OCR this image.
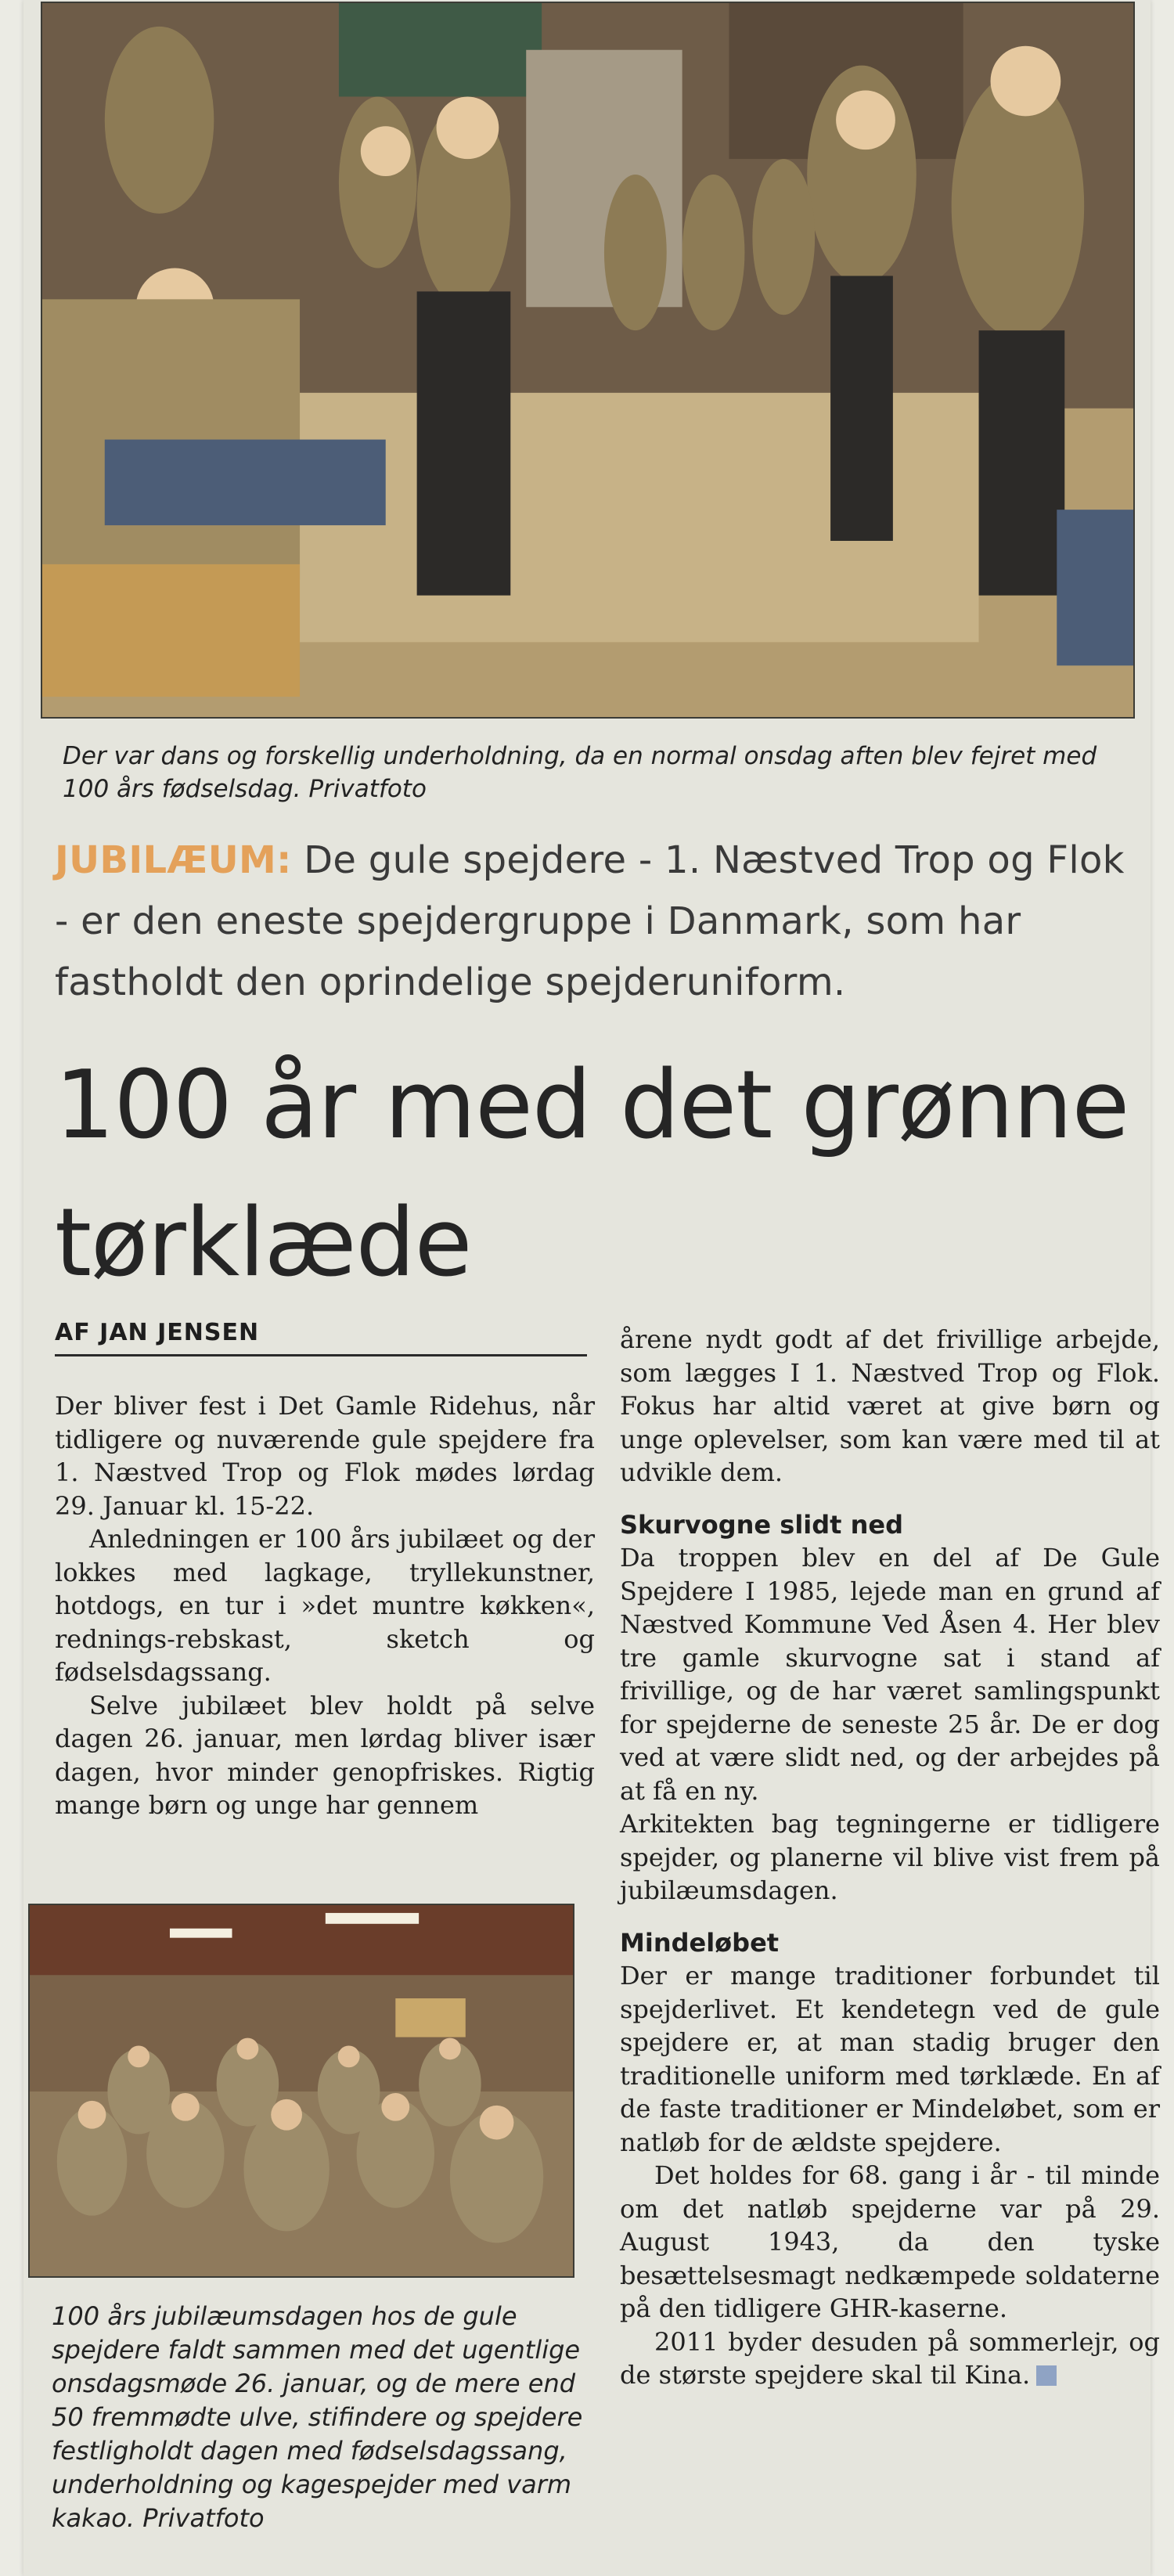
Der var dans og forskellig underholdning, da en normal onsdag aften blev fejret med 100 års fødselsdag. Privatfoto
JUBILÆUM: De gule spejdere - 1. Næstved Trop og Flok - er den eneste spejdergruppe i Danmark, som har fastholdt den oprindelige spejderuniform.
100 år med det grønne tørklæde
AF JAN JENSEN

Der bliver fest i Det Gamle Ridehus, når tidligere og nuværende gule spejdere fra 1. Næstved Trop og Flok mødes lørdag 29. Januar kl. 15-22.

Anledningen er 100 års jubilæet og der lokkes med lagkage, tryllekunstner, hotdogs, en tur i »det muntre køkken«, rednings-rebskast, sketch og fødselsdagssang.

Selve jubilæet blev holdt på selve dagen 26. januar, men lørdag bliver især dagen, hvor minder genopfriskes. Rigtig mange børn og unge har gennem

100 års jubilæumsdagen hos de gule spejdere faldt sammen med det ugentlige onsdagsmøde 26. januar, og de mere end 50 fremmødte ulve, stifindere og spejdere festligholdt dagen med fødselsdagssang, underholdning og kagespejder med varm kakao. Privatfoto

årene nydt godt af det frivillige arbejde, som lægges I 1. Næstved Trop og Flok. Fokus har altid været at give børn og unge oplevelser, som kan være med til at udvikle dem.

Skurvogne slidt ned

Da troppen blev en del af De Gule Spejdere I 1985, lejede man en grund af Næstved Kommune Ved Åsen 4. Her blev tre gamle skurvogne sat i stand af frivillige, og de har været samlingspunkt for spejderne de seneste 25 år. De er dog ved at være slidt ned, og der arbejdes på at få en ny.

Arkitekten bag tegningerne er tidligere spejder, og planerne vil blive vist frem på jubilæumsdagen.

Mindeløbet

Der er mange traditioner forbundet til spejderlivet. Et kendetegn ved de gule spejdere er, at man stadig bruger den traditionelle uniform med tørklæde. En af de faste traditioner er Mindeløbet, som er natløb for de ældste spejdere.

Det holdes for 68. gang i år - til minde om det natløb spejderne var på 29. August 1943, da den tyske besættelsesmagt nedkæmpede soldaterne på den tidligere GHR-kaserne.

2011 byder desuden på sommerlejr, og de største spejdere skal til Kina.
